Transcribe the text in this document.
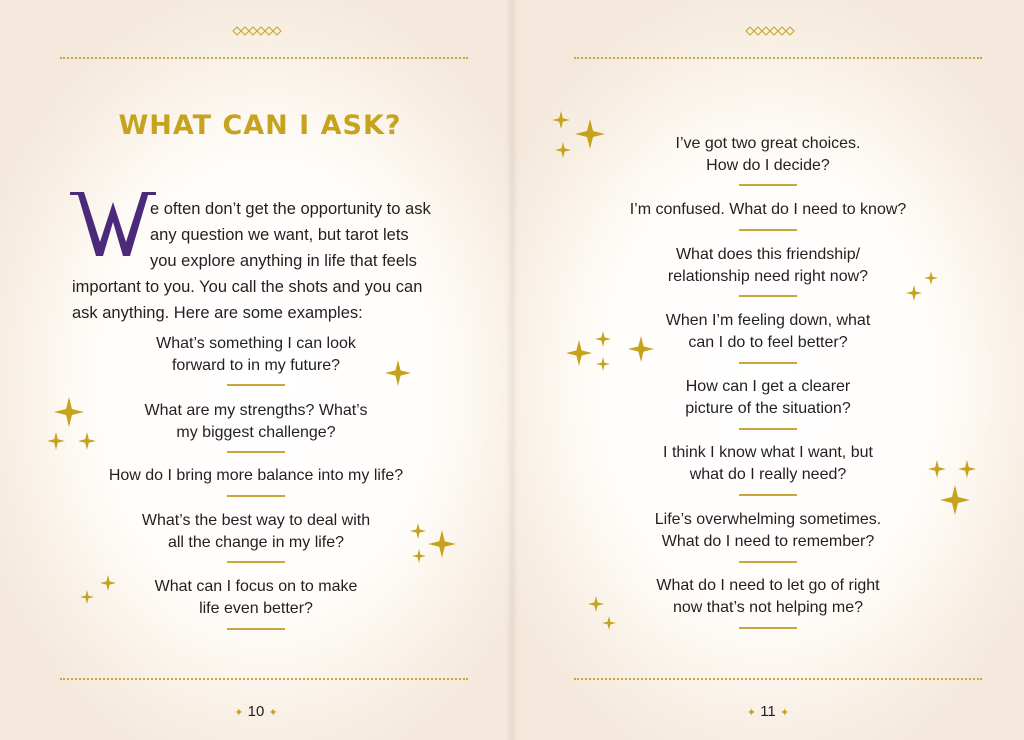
WHAT CAN I ASK?

e often don’t get the opportunity to ask
any question we want, but tarot lets
you explore anything in life that feels
important to you. You call the shots and you can
ask anything. Here are some examples:

What’s something I can look
forward to in my future?

What are my strengths? What’s
my biggest challenge?

How do I bring more balance into my life?

What’s the best way to deal with
all the change in my life?

What can I focus on to make
life even better?

✦ 10 ✦

I’ve got two great choices.
How do I decide?

I’m confused. What do I need to know?

What does this friendship/
relationship need right now?

When I’m feeling down, what
can I do to feel better?

How can I get a clearer
picture of the situation?

I think I know what I want, but
what do I really need?

Life’s overwhelming sometimes.
What do I need to remember?

What do I need to let go of right
now that’s not helping me?

✦ 11 ✦
